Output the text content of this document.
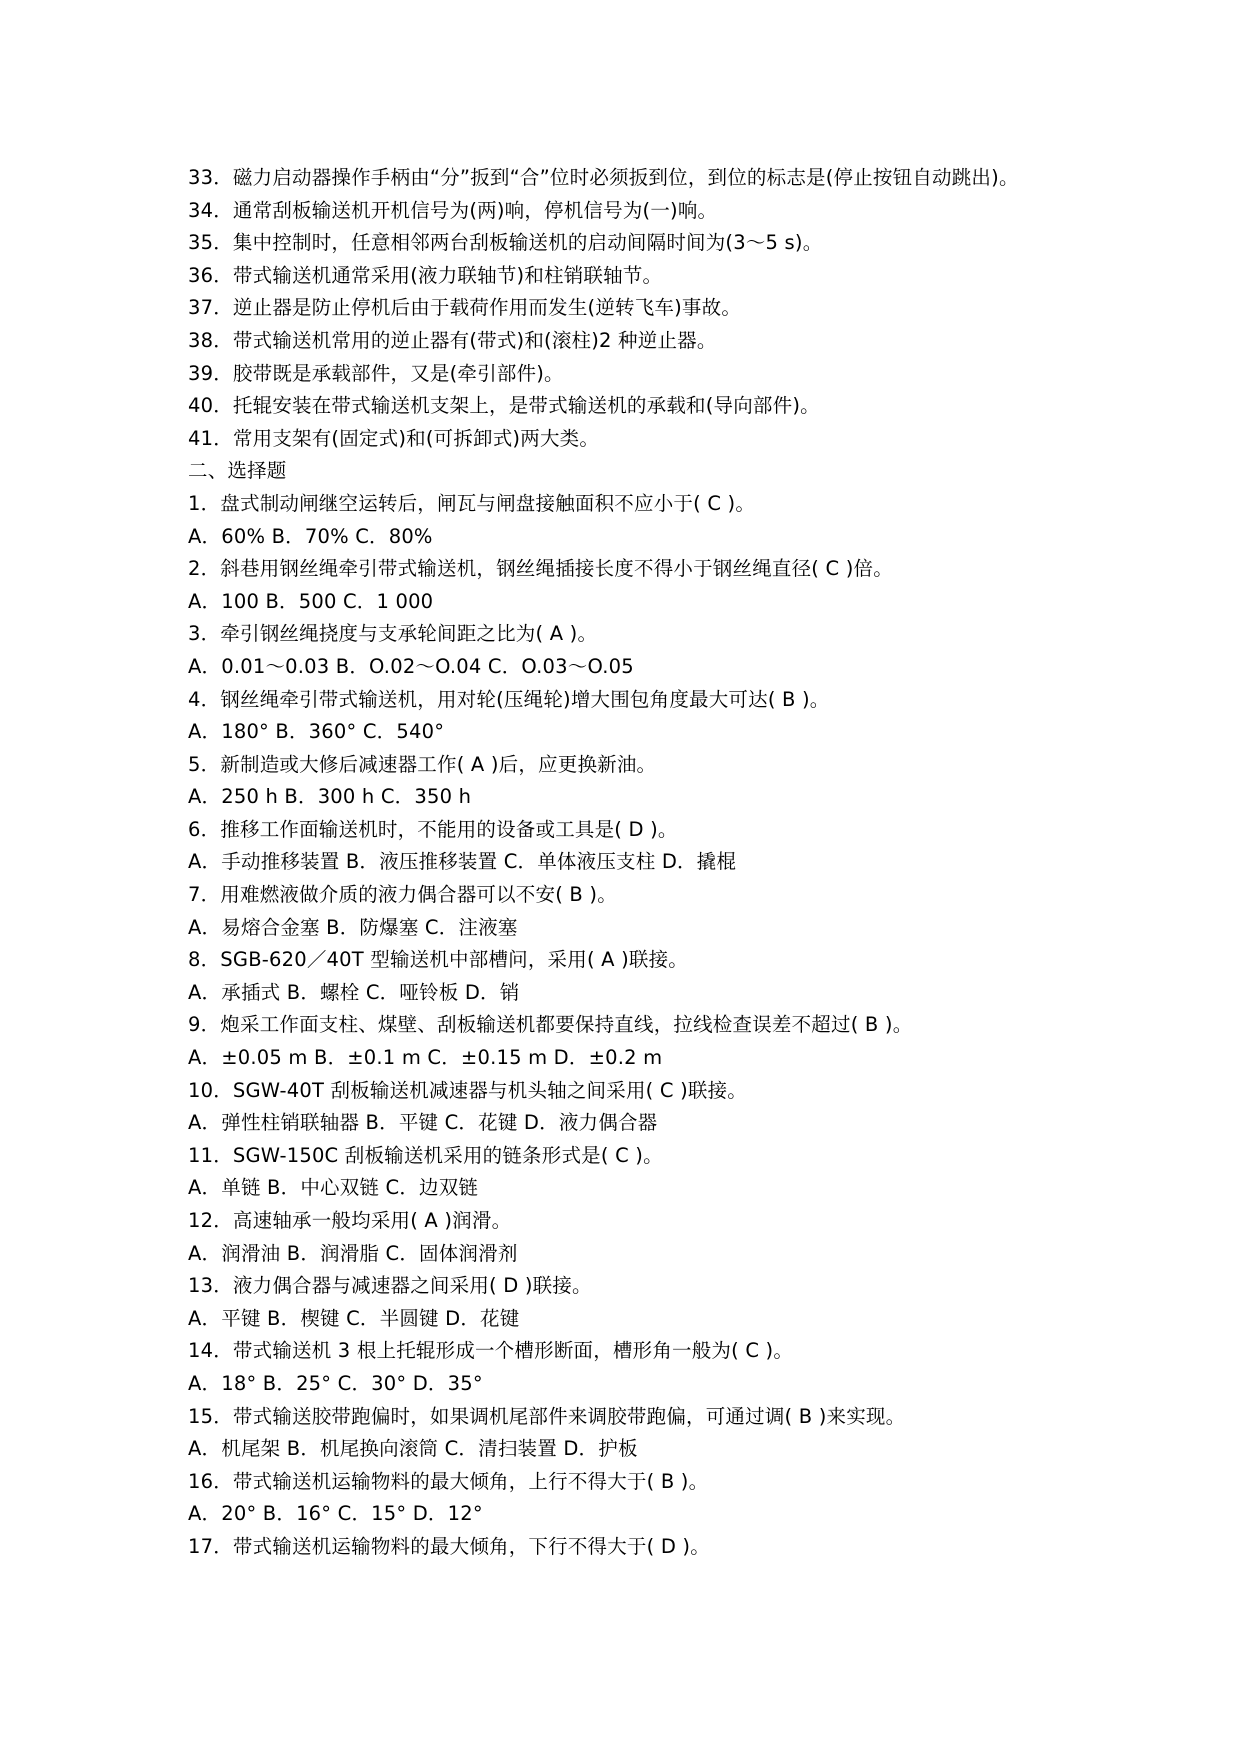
33．磁力启动器操作手柄由“分”扳到“合”位时必须扳到位，到位的标志是(停止按钮自动跳出)。
34．通常刮板输送机开机信号为(两)响，停机信号为(一)响。
35．集中控制时，任意相邻两台刮板输送机的启动间隔时间为(3～5 s)。
36．带式输送机通常采用(液力联轴节)和柱销联轴节。
37．逆止器是防止停机后由于载荷作用而发生(逆转飞车)事故。
38．带式输送机常用的逆止器有(带式)和(滚柱)2 种逆止器。
39．胶带既是承载部件，又是(牵引部件)。
40．托辊安装在带式输送机支架上，是带式输送机的承载和(导向部件)。
41．常用支架有(固定式)和(可拆卸式)两大类。
二、选择题
1．盘式制动闸继空运转后，闸瓦与闸盘接触面积不应小于( C )。
A．60% B．70% C．80%
2．斜巷用钢丝绳牵引带式输送机，钢丝绳插接长度不得小于钢丝绳直径( C )倍。
A．100 B．500 C．1 000
3．牵引钢丝绳挠度与支承轮间距之比为( A )。
A．0.01～0.03 B．O.02～O.04 C．O.03～O.05
4．钢丝绳牵引带式输送机，用对轮(压绳轮)增大围包角度最大可达( B )。
A．180° B．360° C．540°
5．新制造或大修后减速器工作( A )后，应更换新油。
A．250 h B．300 h C．350 h
6．推移工作面输送机时，不能用的设备或工具是( D )。
A．手动推移装置 B．液压推移装置 C．单体液压支柱 D．撬棍
7．用难燃液做介质的液力偶合器可以不安( B )。
A．易熔合金塞 B．防爆塞 C．注液塞
8．SGB-620／40T 型输送机中部槽问，采用( A )联接。
A．承插式 B．螺栓 C．哑铃板 D．销
9．炮采工作面支柱、煤壁、刮板输送机都要保持直线，拉线检查误差不超过( B )。
A．±0.05 m B．±0.1 m C．±0.15 m D．±0.2 m
10．SGW-40T 刮板输送机减速器与机头轴之间采用( C )联接。
A．弹性柱销联轴器 B．平键 C．花键 D．液力偶合器
11．SGW-150C 刮板输送机采用的链条形式是( C )。
A．单链 B．中心双链 C．边双链
12．高速轴承一般均采用( A )润滑。
A．润滑油 B．润滑脂 C．固体润滑剂
13．液力偶合器与减速器之间采用( D )联接。
A．平键 B．楔键 C．半圆键 D．花键
14．带式输送机 3 根上托辊形成一个槽形断面，槽形角一般为( C )。
A．18° B．25° C．30° D．35°
15．带式输送胶带跑偏时，如果调机尾部件来调胶带跑偏，可通过调( B )来实现。
A．机尾架 B．机尾换向滚筒 C．清扫装置 D．护板
16．带式输送机运输物料的最大倾角，上行不得大于( B )。
A．20° B．16° C．15° D．12°
17．带式输送机运输物料的最大倾角，下行不得大于( D )。
